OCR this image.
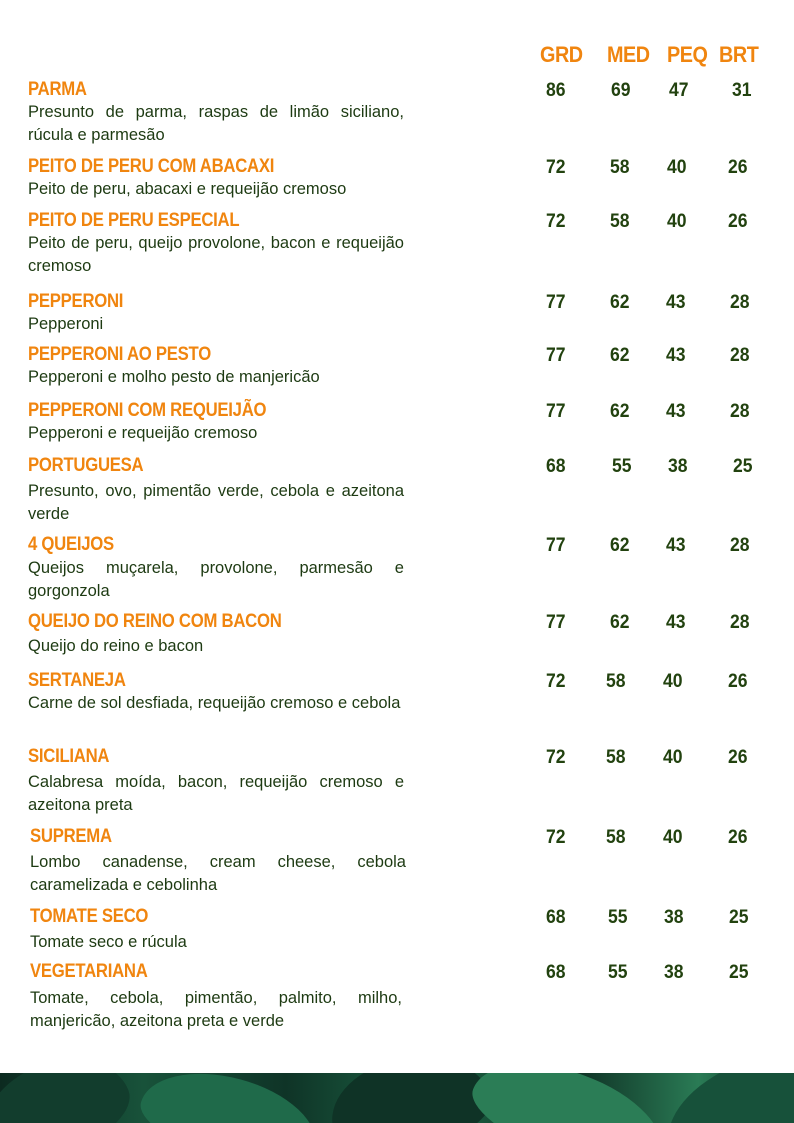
GRD MED PEQ BRT
PARMA
Presunto de parma, raspas de limão siciliano, rúcula e parmesão
86 69 47 31
PEITO DE PERU COM ABACAXI
Peito de peru, abacaxi e requeijão cremoso
72 58 40 26
PEITO DE PERU ESPECIAL
Peito de peru, queijo provolone, bacon e requeijão cremoso
72 58 40 26
PEPPERONI
Pepperoni
77 62 43 28
PEPPERONI AO PESTO
Pepperoni e molho pesto de manjericão
77 62 43 28
PEPPERONI COM REQUEIJÃO
Pepperoni e requeijão cremoso
77 62 43 28
PORTUGUESA
Presunto, ovo, pimentão verde, cebola e azeitona verde
68 55 38 25
4 QUEIJOS
Queijos muçarela, provolone, parmesão e gorgonzola
77 62 43 28
QUEIJO DO REINO COM BACON
Queijo do reino e bacon
77 62 43 28
SERTANEJA
Carne de sol desfiada, requeijão cremoso e cebola
72 58 40 26
SICILIANA
Calabresa moída, bacon, requeijão cremoso e azeitona preta
72 58 40 26
SUPREMA
Lombo canadense, cream cheese, cebola caramelizada e cebolinha
72 58 40 26
TOMATE SECO
Tomate seco e rúcula
68 55 38 25
VEGETARIANA
Tomate, cebola, pimentão, palmito, milho, manjericão, azeitona preta e verde
68 55 38 25
